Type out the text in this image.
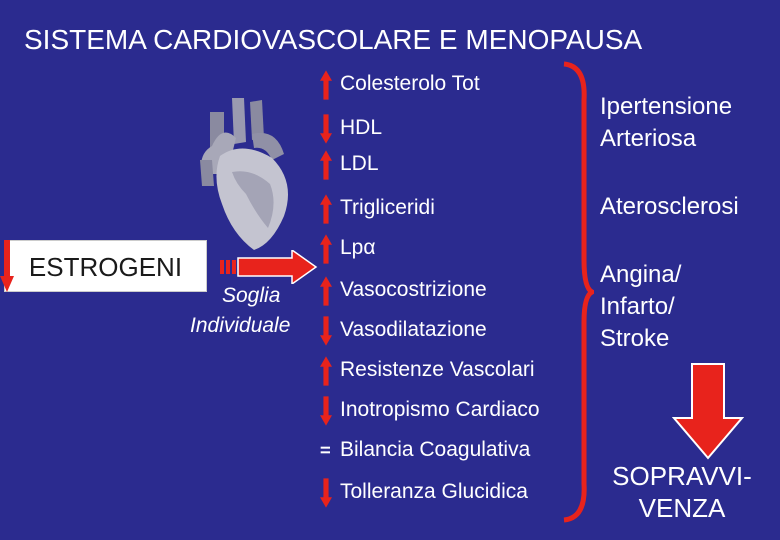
SISTEMA CARDIOVASCOLARE E MENOPAUSA
ESTROGENI
Soglia
Individuale
Colesterolo Tot
HDL
LDL
Trigliceridi
Lpα
Vasocostrizione
Vasodilatazione
Resistenze Vascolari
Inotropismo Cardiaco
Bilancia Coagulativa
Tolleranza Glucidica
Ipertensione
Arteriosa
Aterosclerosi
Angina/
Infarto/
Stroke
SOPRAVVI-
VENZA
